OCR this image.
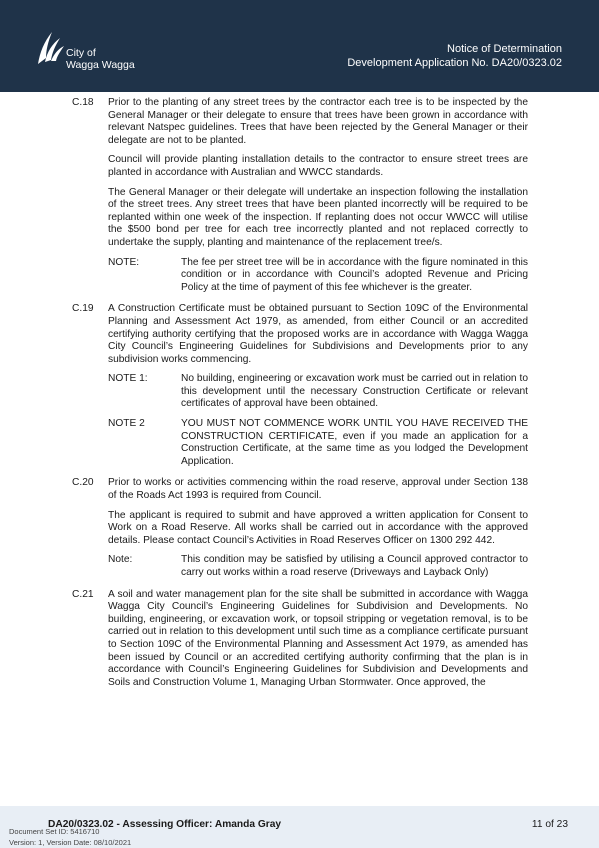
City of
Wagga Wagga
Notice of Determination
Development Application No. DA20/0323.02
C.18 Prior to the planting of any street trees by the contractor each tree is to be inspected by the General Manager or their delegate to ensure that trees have been grown in accordance with relevant Natspec guidelines. Trees that have been rejected by the General Manager or their delegate are not to be planted.

Council will provide planting installation details to the contractor to ensure street trees are planted in accordance with Australian and WWCC standards.

The General Manager or their delegate will undertake an inspection following the installation of the street trees. Any street trees that have been planted incorrectly will be required to be replanted within one week of the inspection. If replanting does not occur WWCC will utilise the $500 bond per tree for each tree incorrectly planted and not replaced correctly to undertake the supply, planting and maintenance of the replacement tree/s.

NOTE:	The fee per street tree will be in accordance with the figure nominated in this condition or in accordance with Council’s adopted Revenue and Pricing Policy at the time of payment of this fee whichever is the greater.
C.19 A Construction Certificate must be obtained pursuant to Section 109C of the Environmental Planning and Assessment Act 1979, as amended, from either Council or an accredited certifying authority certifying that the proposed works are in accordance with Wagga Wagga City Council’s Engineering Guidelines for Subdivisions and Developments prior to any subdivision works commencing.

NOTE 1:	No building, engineering or excavation work must be carried out in relation to this development until the necessary Construction Certificate or relevant certificates of approval have been obtained.
NOTE 2	YOU MUST NOT COMMENCE WORK UNTIL YOU HAVE RECEIVED THE CONSTRUCTION CERTIFICATE, even if you made an application for a Construction Certificate, at the same time as you lodged the Development Application.
C.20 Prior to works or activities commencing within the road reserve, approval under Section 138 of the Roads Act 1993 is required from Council.

The applicant is required to submit and have approved a written application for Consent to Work on a Road Reserve. All works shall be carried out in accordance with the approved details. Please contact Council’s Activities in Road Reserves Officer on 1300 292 442.

Note:	This condition may be satisfied by utilising a Council approved contractor to carry out works within a road reserve (Driveways and Layback Only)
C.21 A soil and water management plan for the site shall be submitted in accordance with Wagga Wagga City Council’s Engineering Guidelines for Subdivision and Developments. No building, engineering, or excavation work, or topsoil stripping or vegetation removal, is to be carried out in relation to this development until such time as a compliance certificate pursuant to Section 109C of the Environmental Planning and Assessment Act 1979, as amended has been issued by Council or an accredited certifying authority confirming that the plan is in accordance with Council’s Engineering Guidelines for Subdivision and Developments and Soils and Construction Volume 1, Managing Urban Stormwater. Once approved, the

Document Set ID: 5416710
Version: 1, Version Date: 08/10/2021
DA20/0323.02 - Assessing Officer: Amanda Gray	11 of 23
